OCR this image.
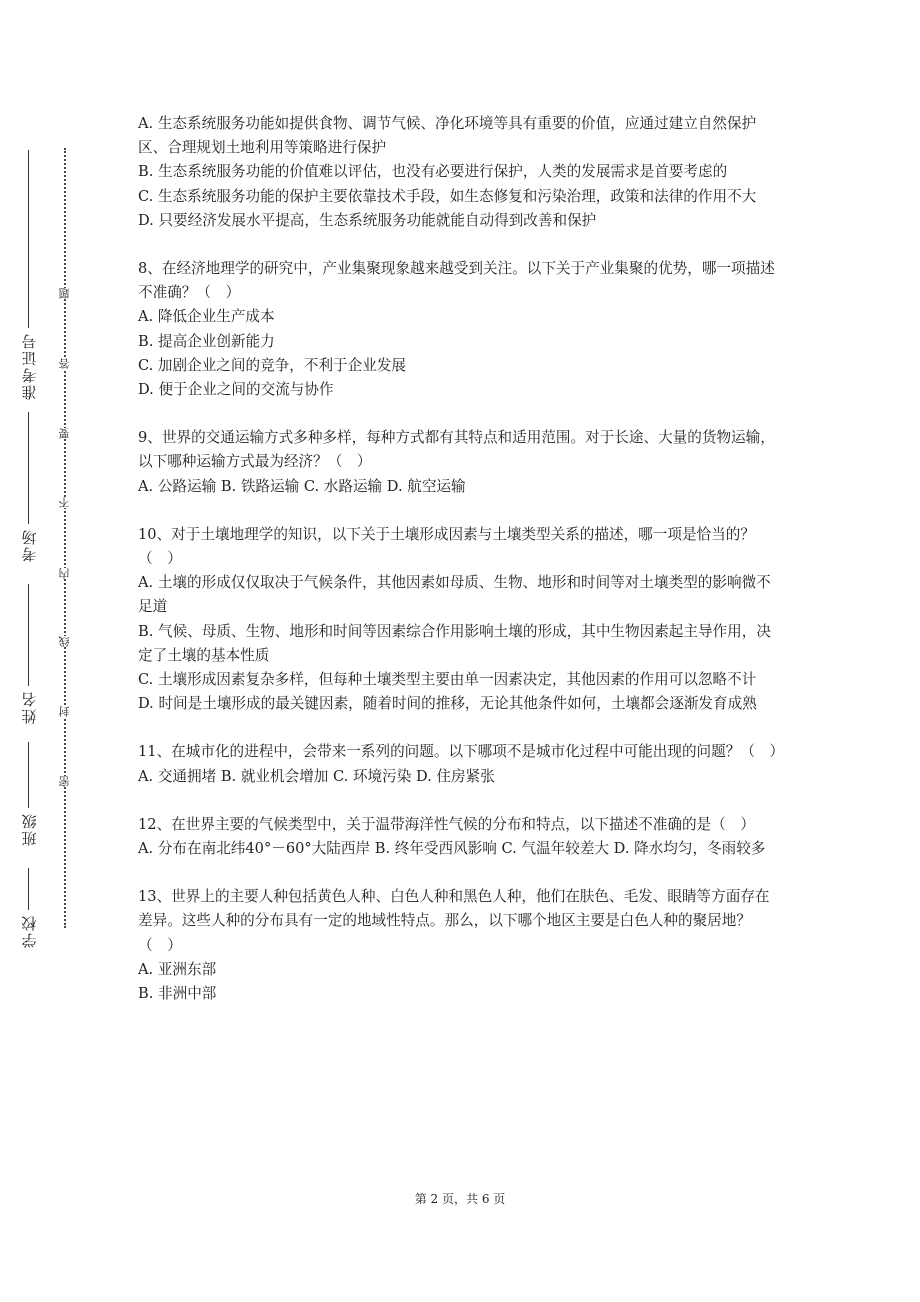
学校
班级
姓名
考场
准考证号
密
封
线
内
不
要
答
题

A. 生态系统服务功能如提供食物、调节气候、净化环境等具有重要的价值，应通过建立自然保护区、合理规划土地利用等策略进行保护

B. 生态系统服务功能的价值难以评估，也没有必要进行保护，人类的发展需求是首要考虑的

C. 生态系统服务功能的保护主要依靠技术手段，如生态修复和污染治理，政策和法律的作用不大

D. 只要经济发展水平提高，生态系统服务功能就能自动得到改善和保护

8、在经济地理学的研究中，产业集聚现象越来越受到关注。以下关于产业集聚的优势，哪一项描述不准确？（　）

A. 降低企业生产成本

B. 提高企业创新能力

C. 加剧企业之间的竞争，不利于企业发展

D. 便于企业之间的交流与协作

9、世界的交通运输方式多种多样，每种方式都有其特点和适用范围。对于长途、大量的货物运输，以下哪种运输方式最为经济？（　）

A. 公路运输 B. 铁路运输 C. 水路运输 D. 航空运输

10、对于土壤地理学的知识，以下关于土壤形成因素与土壤类型关系的描述，哪一项是恰当的？（　）

A. 土壤的形成仅仅取决于气候条件，其他因素如母质、生物、地形和时间等对土壤类型的影响微不足道

B. 气候、母质、生物、地形和时间等因素综合作用影响土壤的形成，其中生物因素起主导作用，决定了土壤的基本性质

C. 土壤形成因素复杂多样，但每种土壤类型主要由单一因素决定，其他因素的作用可以忽略不计

D. 时间是土壤形成的最关键因素，随着时间的推移，无论其他条件如何，土壤都会逐渐发育成熟

11、在城市化的进程中，会带来一系列的问题。以下哪项不是城市化过程中可能出现的问题？（　）

A. 交通拥堵 B. 就业机会增加 C. 环境污染 D. 住房紧张

12、在世界主要的气候类型中，关于温带海洋性气候的分布和特点，以下描述不准确的是（　）

A. 分布在南北纬40°－60°大陆西岸 B. 终年受西风影响 C. 气温年较差大 D. 降水均匀，冬雨较多

13、世界上的主要人种包括黄色人种、白色人种和黑色人种，他们在肤色、毛发、眼睛等方面存在差异。这些人种的分布具有一定的地域性特点。那么，以下哪个地区主要是白色人种的聚居地？（　）

A. 亚洲东部

B. 非洲中部

第 2 页，共 6 页
